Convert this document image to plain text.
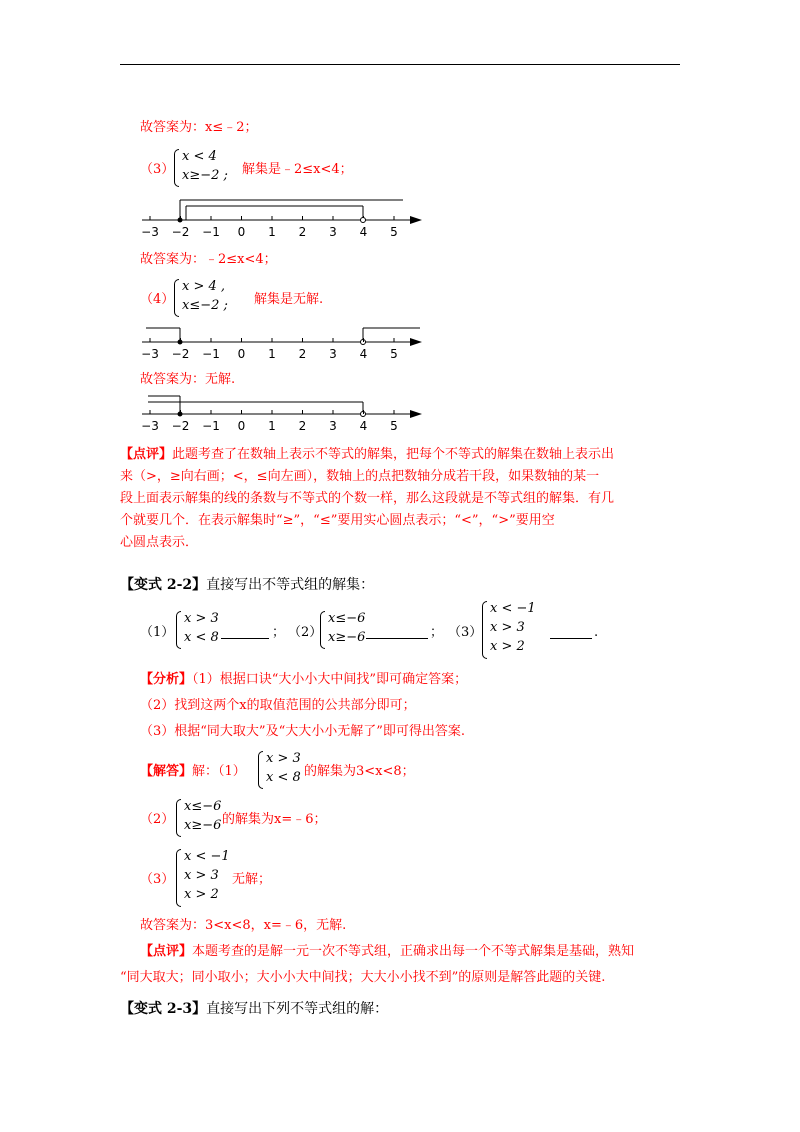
故答案为：x≤﹣2；
（3）
x < 4
x≥−2 ; 解集是﹣2≤x<4；
−3 −2 −1 0 1 2 3 4 5
故答案为：﹣2≤x<4；
（4）
x > 4 ,
x≤−2 ; 解集是无解.
−3 −2 −1 0 1 2 3 4 5
故答案为：无解.
−3 −2 −1 0 1 2 3 4 5
【点评】此题考查了在数轴上表示不等式的解集，把每个不等式的解集在数轴上表示出
来（>，≥向右画；<，≤向左画），数轴上的点把数轴分成若干段，如果数轴的某一
段上面表示解集的线的条数与不等式的个数一样，那么这段就是不等式组的解集．有几
个就要几个．在表示解集时“≥”，“≤”要用实心圆点表示；“<”，“>”要用空
心圆点表示．
【变式 2-2】直接写出不等式组的解集：
（1）
x > 3
x < 8	； （2）
x≤−6
x≥−6	； （3）
x < −1
x > 3
x > 2
.
【分析】（1）根据口诀“大小小大中间找”即可确定答案；
（2）找到这两个x的取值范围的公共部分即可；
（3）根据“同大取大”及“大大小小无解了”即可得出答案.
【解答】解：（1）
x > 3
x < 8 的解集为3<x<8；
（2）
x≤−6
x≥−6 的解集为x=﹣6；
（3）
x < −1
x > 3
x > 2
无解；
故答案为：3<x<8，x=﹣6，无解.
【点评】本题考查的是解一元一次不等式组，正确求出每一个不等式解集是基础，熟知
“同大取大；同小取小；大小小大中间找；大大小小找不到”的原则是解答此题的关键.
【变式 2-3】直接写出下列不等式组的解：
